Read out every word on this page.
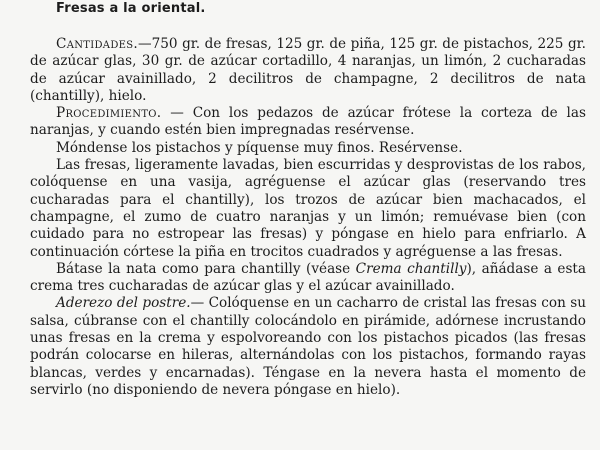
Fresas a la oriental.

Cantidades.—750 gr. de fresas, 125 gr. de piña, 125 gr. de pistachos, 225 gr. de azúcar glas, 30 gr. de azúcar cortadillo, 4 naranjas, un limón, 2 cucharadas de azúcar avainillado, 2 decilitros de champagne, 2 decilitros de nata (chantilly), hielo.

Procedimiento. — Con los pedazos de azúcar frótese la corteza de las naranjas, y cuando estén bien impregnadas resérvense.

Móndense los pistachos y píquense muy finos. Resérvense.

Las fresas, ligeramente lavadas, bien escurridas y desprovistas de los rabos, colóquense en una vasija, agréguense el azúcar glas (reservando tres cucharadas para el chantilly), los trozos de azúcar bien machacados, el champagne, el zumo de cuatro naranjas y un limón; remuévase bien (con cuidado para no estropear las fresas) y póngase en hielo para enfriarlo. A continuación córtese la piña en trocitos cuadrados y agréguense a las fresas.

Bátase la nata como para chantilly (véase Crema chantilly), añádase a esta crema tres cucharadas de azúcar glas y el azúcar avainillado.

Aderezo del postre.— Colóquense en un cacharro de cristal las fresas con su salsa, cúbranse con el chantilly colocándolo en pirámide, adórnese incrustando unas fresas en la crema y espolvoreando con los pistachos picados (las fresas podrán colocarse en hileras, alternándolas con los pistachos, formando rayas blancas, verdes y encarnadas). Téngase en la nevera hasta el momento de servirlo (no disponiendo de nevera póngase en hielo).
